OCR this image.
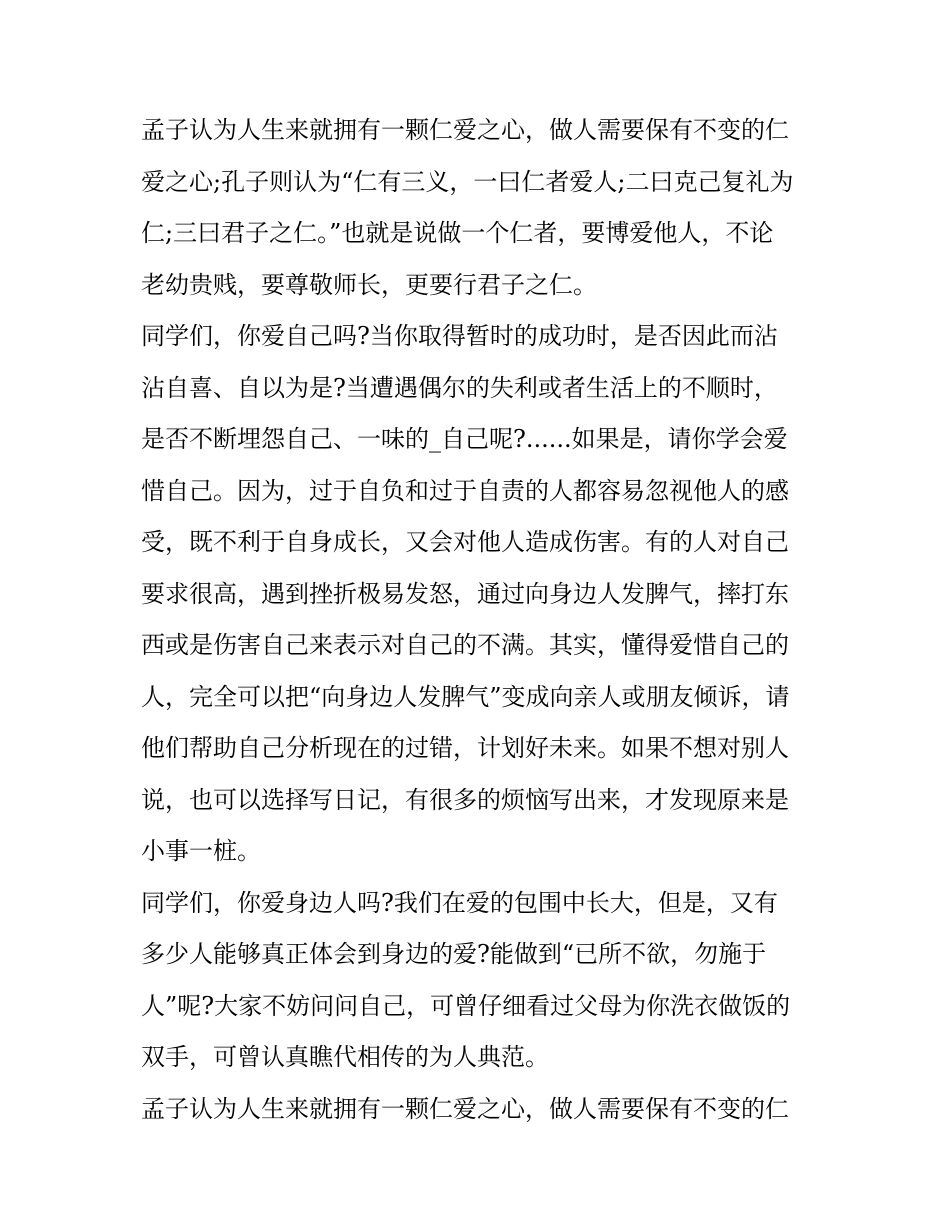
孟子认为人生来就拥有一颗仁爱之心，做人需要保有不变的仁
爱之心;孔子则认为“仁有三义，一曰仁者爱人;二曰克己复礼为
仁;三曰君子之仁。”也就是说做一个仁者，要博爱他人，不论
老幼贵贱，要尊敬师长，更要行君子之仁。
同学们，你爱自己吗?当你取得暂时的成功时，是否因此而沾
沾自喜、自以为是?当遭遇偶尔的失利或者生活上的不顺时，
是否不断埋怨自己、一味的_自己呢?......如果是，请你学会爱
惜自己。因为，过于自负和过于自责的人都容易忽视他人的感
受，既不利于自身成长，又会对他人造成伤害。有的人对自己
要求很高，遇到挫折极易发怒，通过向身边人发脾气，摔打东
西或是伤害自己来表示对自己的不满。其实，懂得爱惜自己的
人，完全可以把“向身边人发脾气”变成向亲人或朋友倾诉，请
他们帮助自己分析现在的过错，计划好未来。如果不想对别人
说，也可以选择写日记，有很多的烦恼写出来，才发现原来是
小事一桩。
同学们，你爱身边人吗?我们在爱的包围中长大，但是，又有
多少人能够真正体会到身边的爱?能做到“已所不欲，勿施于
人”呢?大家不妨问问自己，可曾仔细看过父母为你洗衣做饭的
双手，可曾认真瞧代相传的为人典范。
孟子认为人生来就拥有一颗仁爱之心，做人需要保有不变的仁
